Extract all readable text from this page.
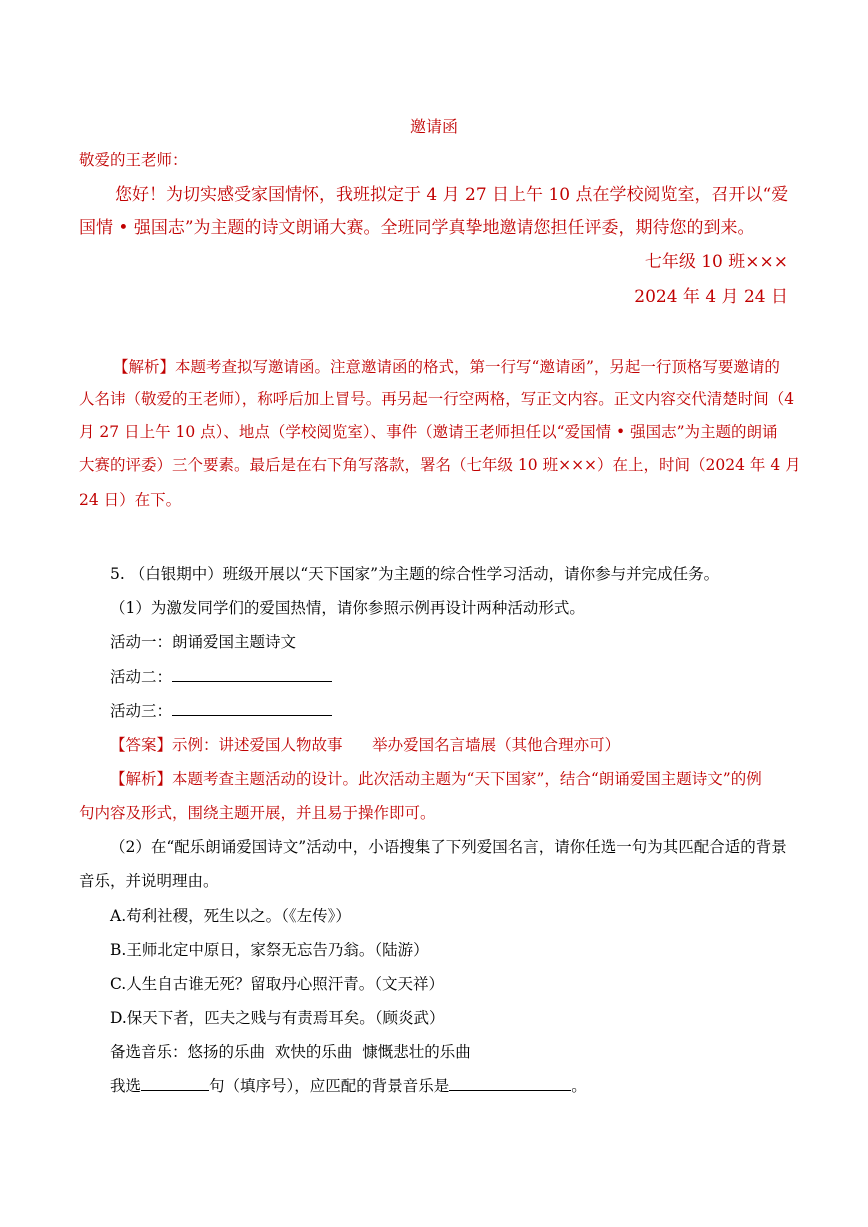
邀请函
敬爱的王老师：
您好！为切实感受家国情怀，我班拟定于 4 月 27 日上午 10 点在学校阅览室，召开以“爱
国情 • 强国志”为主题的诗文朗诵大赛。全班同学真挚地邀请您担任评委，期待您的到来。
七年级 10 班×××
2024 年 4 月 24 日
【解析】本题考查拟写邀请函。注意邀请函的格式，第一行写“邀请函”，另起一行顶格写要邀请的
人名讳（敬爱的王老师），称呼后加上冒号。再另起一行空两格，写正文内容。正文内容交代清楚时间（4
月 27 日上午 10 点）、地点（学校阅览室）、事件（邀请王老师担任以“爱国情 • 强国志”为主题的朗诵
大赛的评委）三个要素。最后是在右下角写落款，署名（七年级 10 班×××）在上，时间（2024 年 4 月
24 日）在下。
5. （白银期中）班级开展以“天下国家”为主题的综合性学习活动，请你参与并完成任务。
（1）为激发同学们的爱国热情，请你参照示例再设计两种活动形式。
活动一：朗诵爱国主题诗文
活动二：
活动三：
【答案】示例：讲述爱国人物故事      举办爱国名言墙展（其他合理亦可）
【解析】本题考查主题活动的设计。此次活动主题为“天下国家”，结合“朗诵爱国主题诗文”的例
句内容及形式，围绕主题开展，并且易于操作即可。
（2）在“配乐朗诵爱国诗文”活动中，小语搜集了下列爱国名言，请你任选一句为其匹配合适的背景
音乐，并说明理由。
A.苟利社稷，死生以之。（《左传》）
B.王师北定中原日，家祭无忘告乃翁。（陆游）
C.人生自古谁无死？留取丹心照汗青。（文天祥）
D.保天下者，匹夫之贱与有责焉耳矣。（顾炎武）
备选音乐：悠扬的乐曲  欢快的乐曲  慷慨悲壮的乐曲
我选	句（填序号），应匹配的背景音乐是	。
